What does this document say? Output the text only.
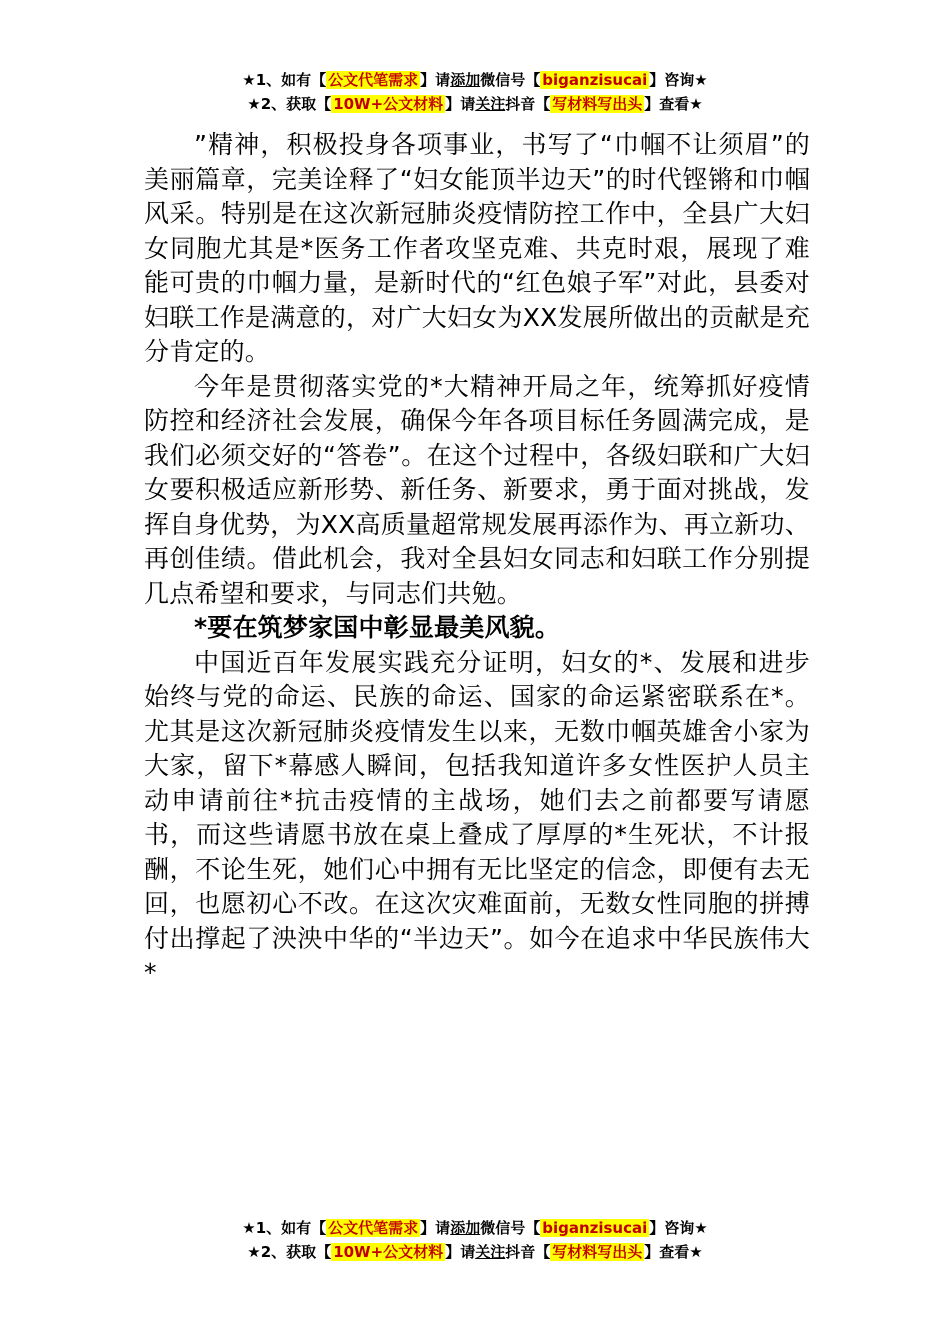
★1、如有【 公文代笔需求 】请添加微信号【 biganzisucai 】咨询★
★2、获取【 10W+公文材料 】请关注抖音【 写材料写出头 】查看★

”精神，积极投身各项事业，书写了“巾帼不让须眉”的美丽篇章，完美诠释了“妇女能顶半边天”的时代铿锵和巾帼风采。特别是在这次新冠肺炎疫情防控工作中，全县广大妇女同胞尤其是*医务工作者攻坚克难、共克时艰，展现了难能可贵的巾帼力量，是新时代的“红色娘子军”对此，县委对妇联工作是满意的，对广大妇女为XX发展所做出的贡献是充分肯定的。

今年是贯彻落实党的*大精神开局之年，统筹抓好疫情防控和经济社会发展，确保今年各项目标任务圆满完成，是我们必须交好的“答卷”。在这个过程中，各级妇联和广大妇女要积极适应新形势、新任务、新要求，勇于面对挑战，发挥自身优势，为XX高质量超常规发展再添作为、再立新功、再创佳绩。借此机会，我对全县妇女同志和妇联工作分别提几点希望和要求，与同志们共勉。

*要在筑梦家国中彰显最美风貌。

中国近百年发展实践充分证明，妇女的*、发展和进步始终与党的命运、民族的命运、国家的命运紧密联系在*。尤其是这次新冠肺炎疫情发生以来，无数巾帼英雄舍小家为大家，留下*幕感人瞬间，包括我知道许多女性医护人员主动申请前往*抗击疫情的主战场，她们去之前都要写请愿书，而这些请愿书放在桌上叠成了厚厚的*生死状，不计报酬，不论生死，她们心中拥有无比坚定的信念，即便有去无回，也愿初心不改。在这次灾难面前，无数女性同胞的拼搏付出撑起了泱泱中华的“半边天”。如今在追求中华民族伟大*

★1、如有【 公文代笔需求 】请添加微信号【 biganzisucai 】咨询★
★2、获取【 10W+公文材料 】请关注抖音【 写材料写出头 】查看★
